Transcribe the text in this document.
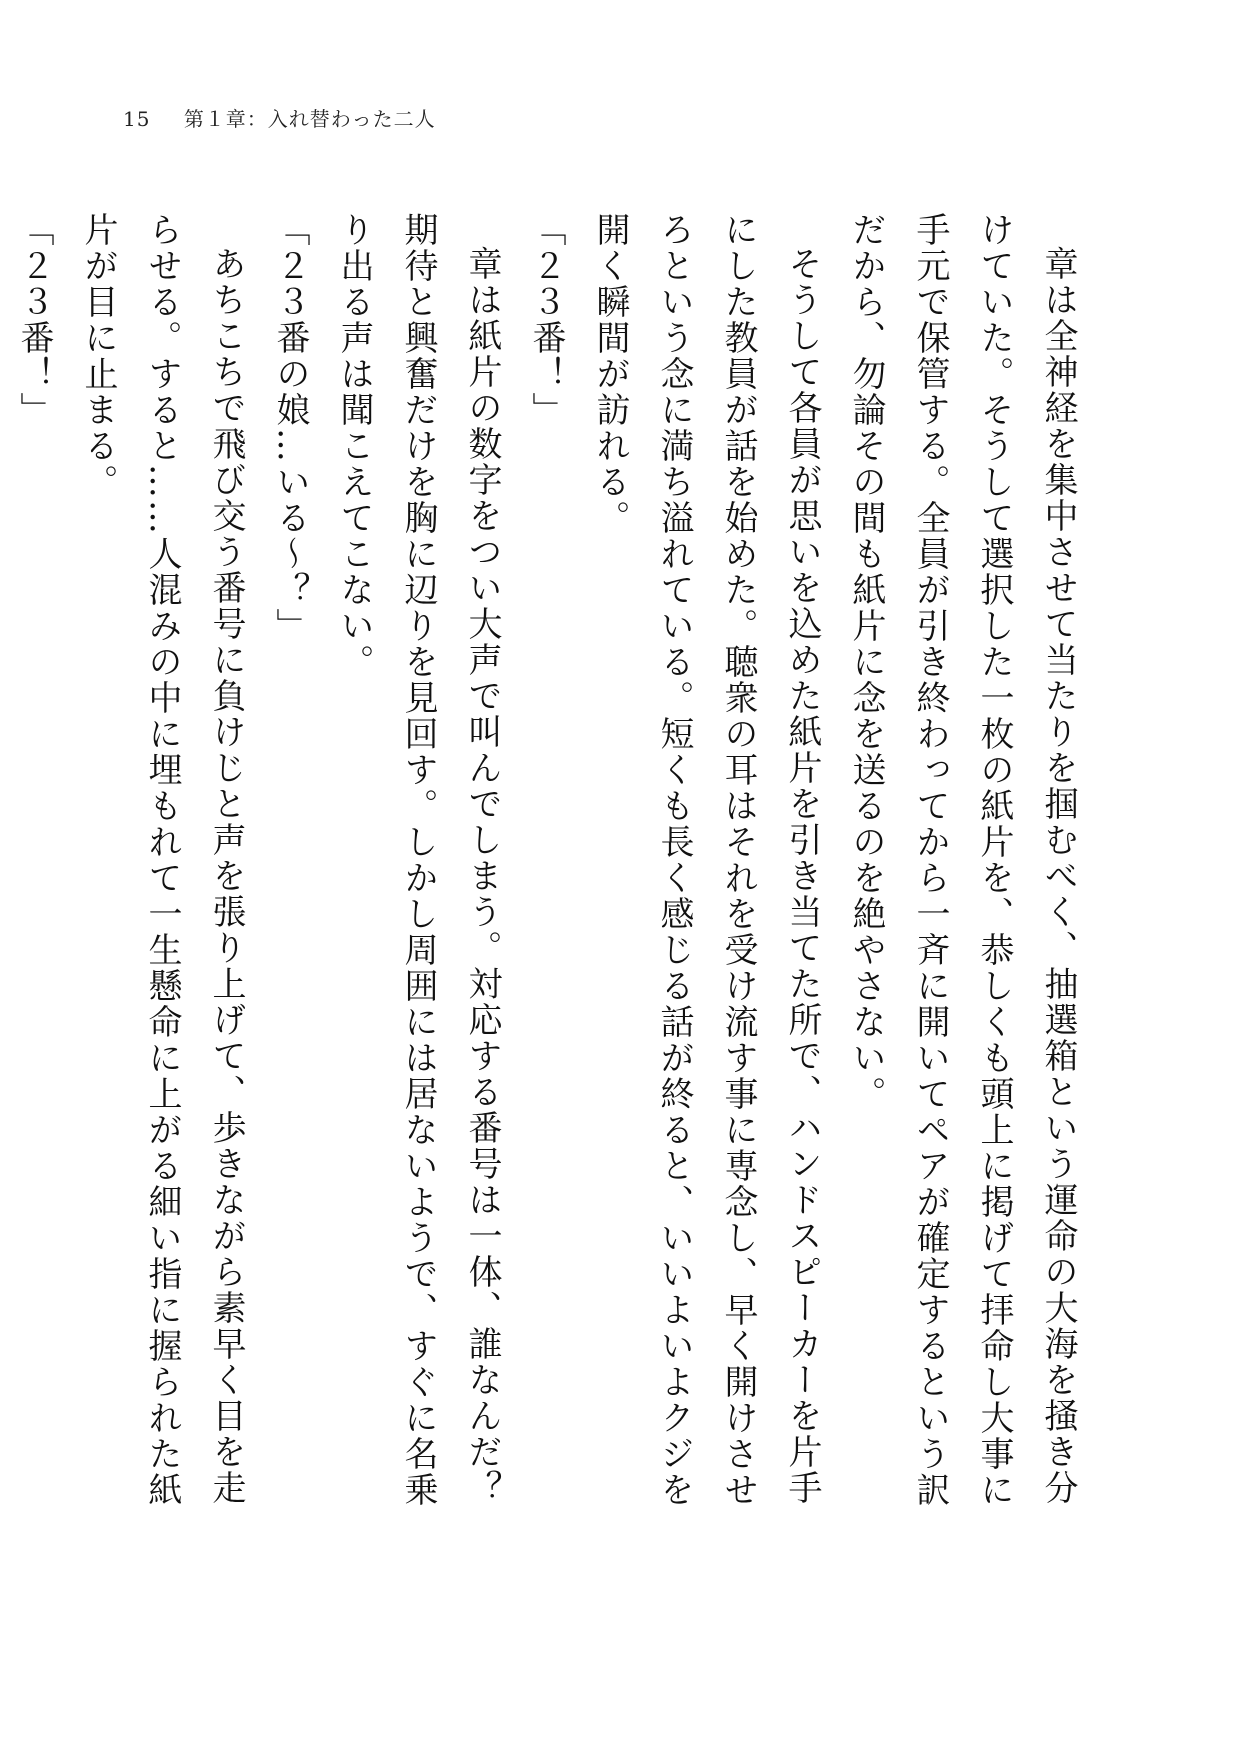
15 第１章：入れ替わった二人

章は全神経を集中させて当たりを掴むべく、抽選箱という運命の大海を掻き分けていた。そうして選択した一枚の紙片を、恭しくも頭上に掲げて拝命し大事に手元で保管する。全員が引き終わってから一斉に開いてペアが確定するという訳だから、勿論その間も紙片に念を送るのを絶やさない。

そうして各員が思いを込めた紙片を引き当てた所で、ハンドスピーカーを片手にした教員が話を始めた。聴衆の耳はそれを受け流す事に専念し、早く開けさせろという念に満ち溢れている。短くも長く感じる話が終ると、いいよいよクジを開く瞬間が訪れる。

「２３番！」

章は紙片の数字をつい大声で叫んでしまう。対応する番号は一体、誰なんだ？期待と興奮だけを胸に辺りを見回す。しかし周囲には居ないようで、すぐに名乗り出る声は聞こえてこない。

「２３番の娘…いる〜？」

あちこちで飛び交う番号に負けじと声を張り上げて、歩きながら素早く目を走らせる。すると……人混みの中に埋もれて一生懸命に上がる細い指に握られた紙片が目に止まる。

「２３番！」
